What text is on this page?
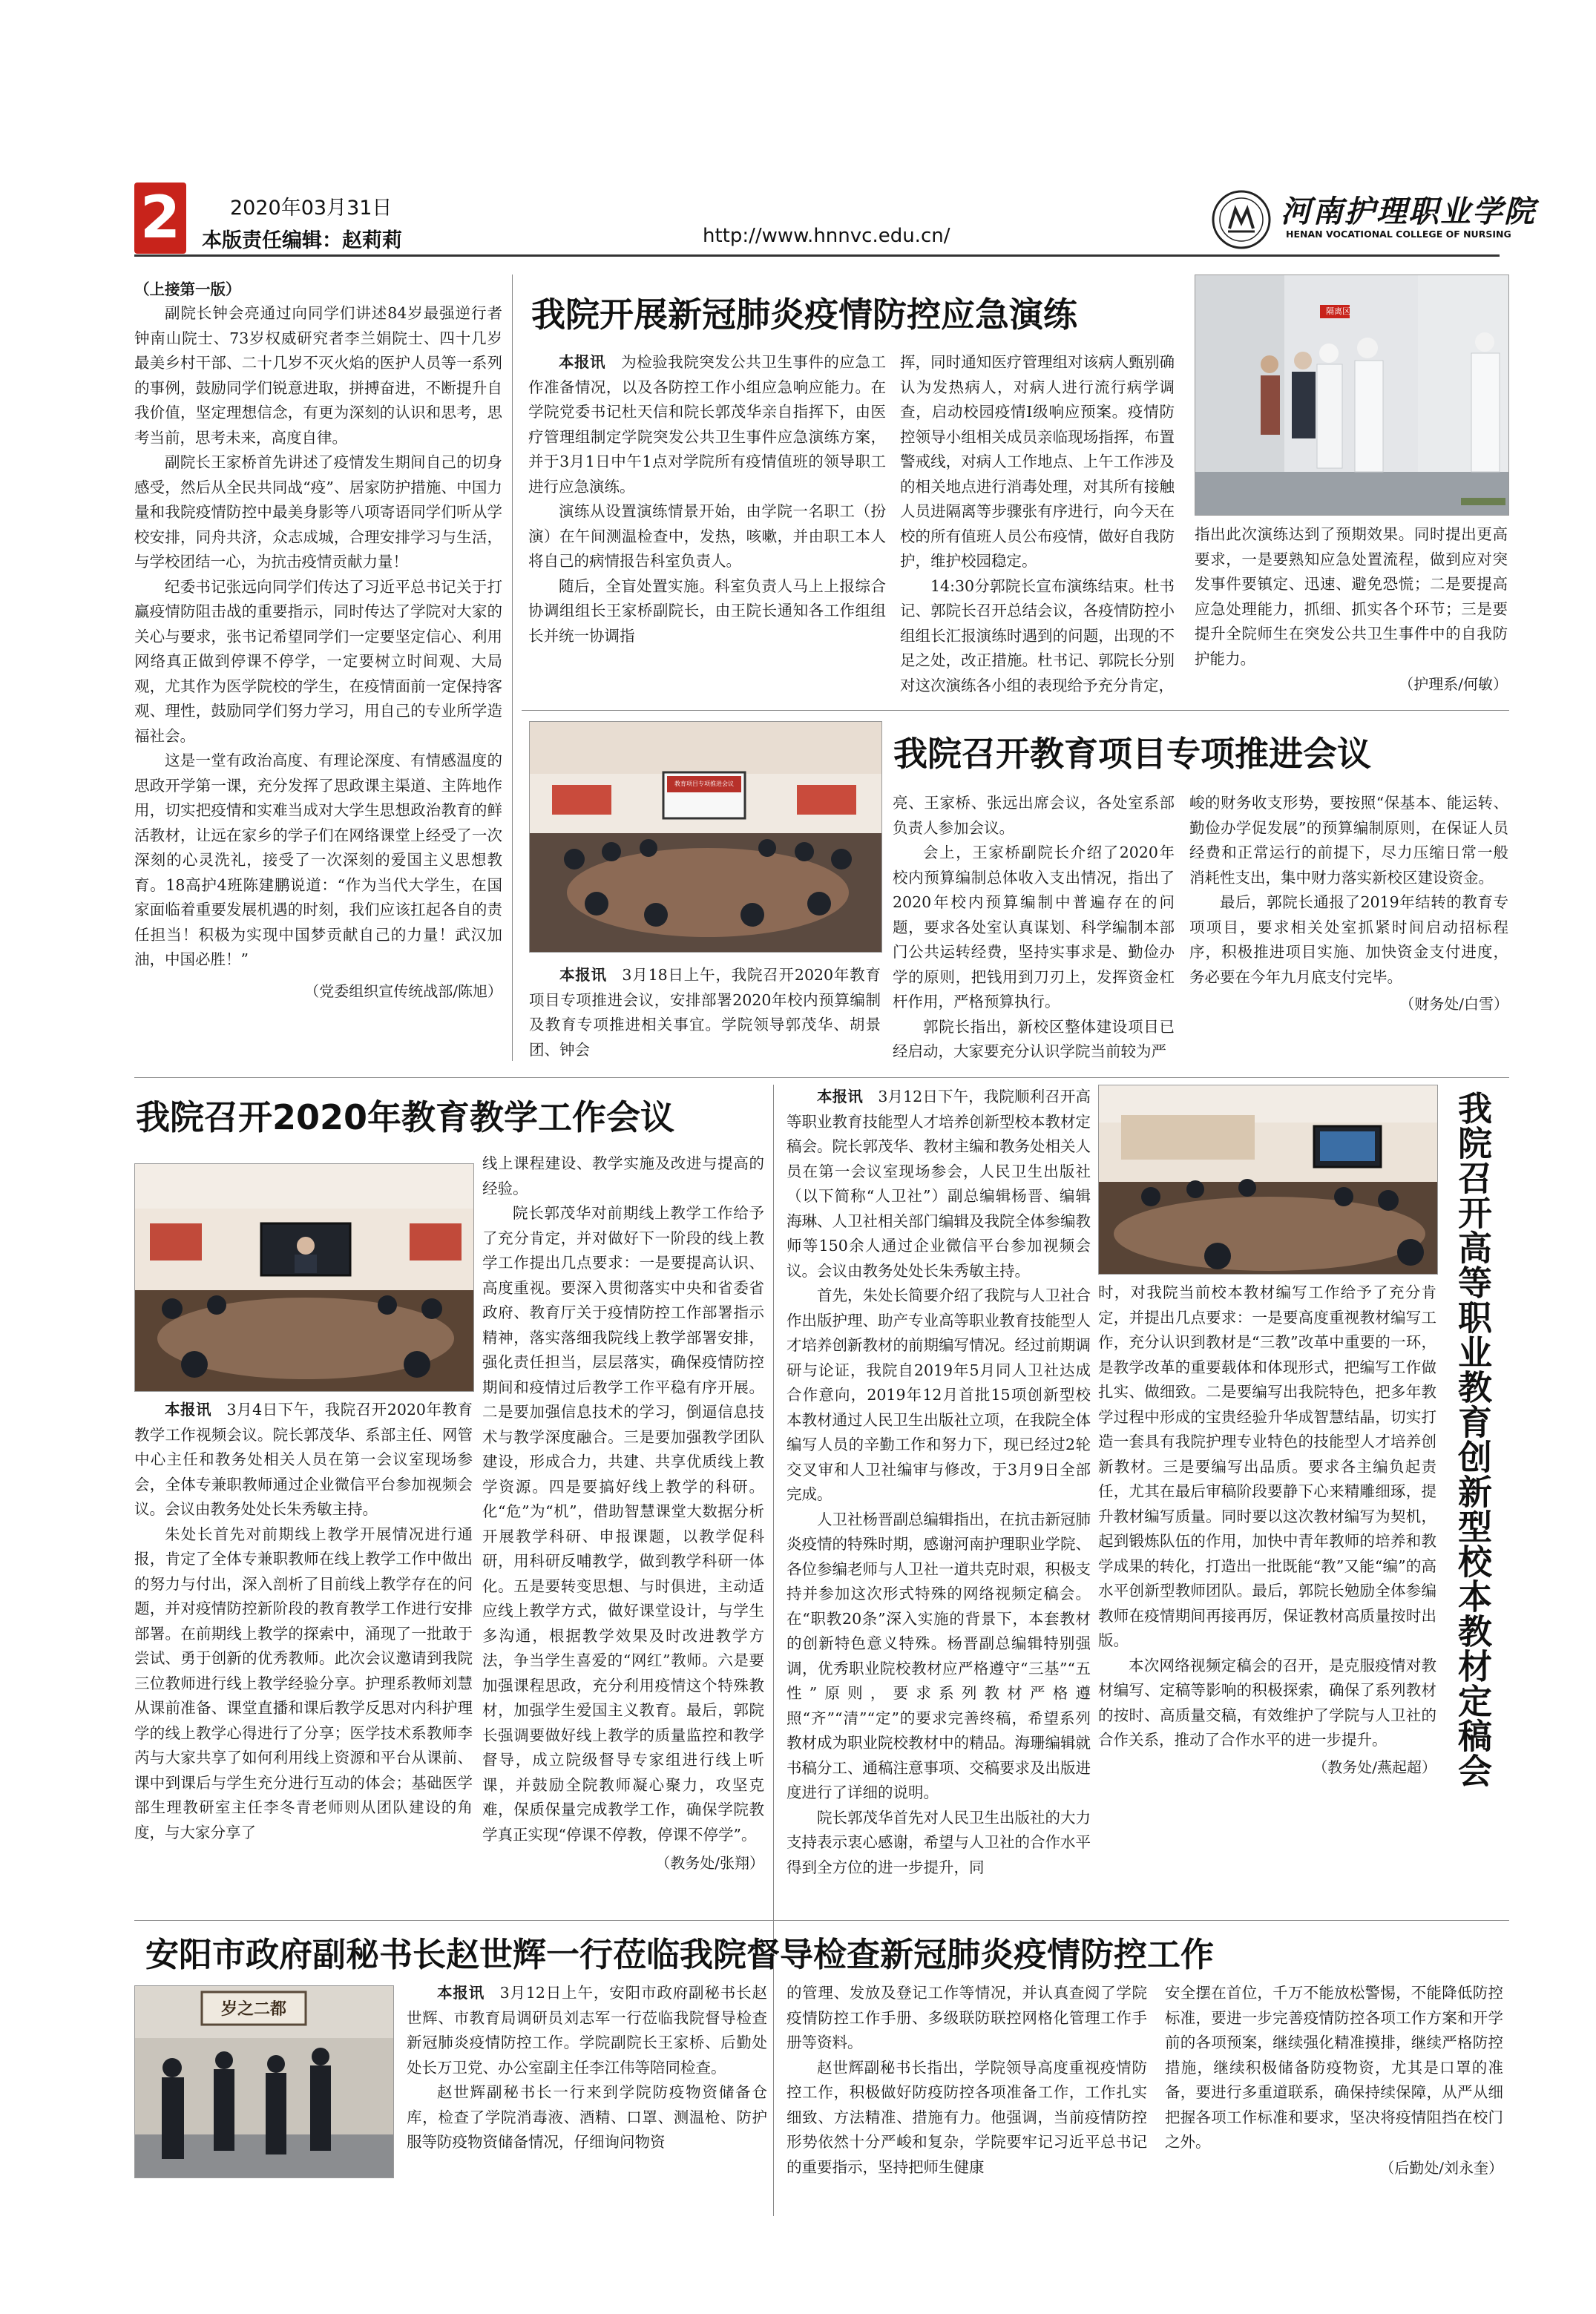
2 2020年03月31日
本版责任编辑：赵莉莉	http://www.hnnvc.edu.cn/
河南护理职业学院
HENAN VOCATIONAL COLLEGE OF NURSING
（上接第一版）

副院长钟会亮通过向同学们讲述84岁最强逆行者钟南山院士、73岁权威研究者李兰娟院士、四十几岁最美乡村干部、二十几岁不灭火焰的医护人员等一系列的事例，鼓励同学们锐意进取，拼搏奋进，不断提升自我价值，坚定理想信念，有更为深刻的认识和思考，思考当前，思考未来，高度自律。

副院长王家桥首先讲述了疫情发生期间自己的切身感受，然后从全民共同战“疫”、居家防护措施、中国力量和我院疫情防控中最美身影等八项寄语同学们听从学校安排，同舟共济，众志成城，合理安排学习与生活，与学校团结一心，为抗击疫情贡献力量！

纪委书记张远向同学们传达了习近平总书记关于打赢疫情防阻击战的重要指示，同时传达了学院对大家的关心与要求，张书记希望同学们一定要坚定信心、利用网络真正做到停课不停学，一定要树立时间观、大局观，尤其作为医学院校的学生，在疫情面前一定保持客观、理性，鼓励同学们努力学习，用自己的专业所学造福社会。

这是一堂有政治高度、有理论深度、有情感温度的思政开学第一课，充分发挥了思政课主渠道、主阵地作用，切实把疫情和实难当成对大学生思想政治教育的鲜活教材，让远在家乡的学子们在网络课堂上经受了一次深刻的心灵洗礼，接受了一次深刻的爱国主义思想教育。18高护4班陈建鹏说道：“作为当代大学生，在国家面临着重要发展机遇的时刻，我们应该扛起各自的责任担当！积极为实现中国梦贡献自己的力量！武汉加油，中国必胜！”

（党委组织宣传统战部/陈旭）

我院开展新冠肺炎疫情防控应急演练

本报讯  为检验我院突发公共卫生事件的应急工作准备情况，以及各防控工作小组应急响应能力。在学院党委书记杜天信和院长郭茂华亲自指挥下，由医疗管理组制定学院突发公共卫生事件应急演练方案，并于3月1日中午1点对学院所有疫情值班的领导职工进行应急演练。

演练从设置演练情景开始，由学院一名职工（扮演）在午间测温检查中，发热，咳嗽，并由职工本人将自己的病情报告科室负责人。

随后，全盲处置实施。科室负责人马上上报综合协调组组长王家桥副院长，由王院长通知各工作组组长并统一协调指

挥，同时通知医疗管理组对该病人甄别确认为发热病人，对病人进行流行病学调查，启动校园疫情Ⅰ级响应预案。疫情防控领导小组相关成员亲临现场指挥，布置警戒线，对病人工作地点、上午工作涉及的相关地点进行消毒处理，对其所有接触人员进隔离等步骤张有序进行，向今天在校的所有值班人员公布疫情，做好自我防护，维护校园稳定。

14:30分郭院长宣布演练结束。杜书记、郭院长召开总结会议，各疫情防控小组组长汇报演练时遇到的问题，出现的不足之处，改正措施。杜书记、郭院长分别对这次演练各小组的表现给予充分肯定，

隔离区

指出此次演练达到了预期效果。同时提出更高要求，一是要熟知应急处置流程，做到应对突发事件要镇定、迅速、避免恐慌；二是要提高应急处理能力，抓细、抓实各个环节；三是要提升全院师生在突发公共卫生事件中的自我防护能力。

（护理系/何敏）

教育项目专项推进会议
我院召开教育项目专项推进会议

本报讯  3月18日上午，我院召开2020年教育项目专项推进会议，安排部署2020年校内预算编制及教育专项推进相关事宜。学院领导郭茂华、胡景团、钟会

亮、王家桥、张远出席会议，各处室系部负责人参加会议。

会上，王家桥副院长介绍了2020年校内预算编制总体收入支出情况，指出了2020年校内预算编制中普遍存在的问题，要求各处室认真谋划、科学编制本部门公共运转经费，坚持实事求是、勤俭办学的原则，把钱用到刀刃上，发挥资金杠杆作用，严格预算执行。

郭院长指出，新校区整体建设项目已经启动，大家要充分认识学院当前较为严

峻的财务收支形势，要按照“保基本、能运转、勤俭办学促发展”的预算编制原则，在保证人员经费和正常运行的前提下，尽力压缩日常一般消耗性支出，集中财力落实新校区建设资金。

最后，郭院长通报了2019年结转的教育专项项目，要求相关处室抓紧时间启动招标程序，积极推进项目实施、加快资金支付进度，务必要在今年九月底支付完毕。

（财务处/白雪）

我院召开2020年教育教学工作会议

本报讯  3月4日下午，我院召开2020年教育教学工作视频会议。院长郭茂华、系部主任、网管中心主任和教务处相关人员在第一会议室现场参会，全体专兼职教师通过企业微信平台参加视频会议。会议由教务处处长朱秀敏主持。

朱处长首先对前期线上教学开展情况进行通报，肯定了全体专兼职教师在线上教学工作中做出的努力与付出，深入剖析了目前线上教学存在的问题，并对疫情防控新阶段的教育教学工作进行安排部署。在前期线上教学的探索中，涌现了一批敢于尝试、勇于创新的优秀教师。此次会议邀请到我院三位教师进行线上教学经验分享。护理系教师刘慧从课前准备、课堂直播和课后教学反思对内科护理学的线上教学心得进行了分享；医学技术系教师李芮与大家共享了如何利用线上资源和平台从课前、课中到课后与学生充分进行互动的体会；基础医学部生理教研室主任李冬青老师则从团队建设的角度，与大家分享了

线上课程建设、教学实施及改进与提高的经验。

院长郭茂华对前期线上教学工作给予了充分肯定，并对做好下一阶段的线上教学工作提出几点要求：一是要提高认识、高度重视。要深入贯彻落实中央和省委省政府、教育厅关于疫情防控工作部署指示精神，落实落细我院线上教学部署安排，强化责任担当，层层落实，确保疫情防控期间和疫情过后教学工作平稳有序开展。二是要加强信息技术的学习，倒逼信息技术与教学深度融合。三是要加强教学团队建设，形成合力，共建、共享优质线上教学资源。四是要搞好线上教学的科研。化“危”为“机”，借助智慧课堂大数据分析开展教学科研、申报课题，以教学促科研，用科研反哺教学，做到教学科研一体化。五是要转变思想、与时俱进，主动适应线上教学方式，做好课堂设计，与学生多沟通，根据教学效果及时改进教学方法，争当学生喜爱的“网红”教师。六是要加强课程思政，充分利用疫情这个特殊教材，加强学生爱国主义教育。最后，郭院长强调要做好线上教学的质量监控和教学督导，成立院级督导专家组进行线上听课，并鼓励全院教师凝心聚力，攻坚克难，保质保量完成教学工作，确保学院教学真正实现“停课不停教，停课不停学”。

（教务处/张翔）

本报讯  3月12日下午，我院顺利召开高等职业教育技能型人才培养创新型校本教材定稿会。院长郭茂华、教材主编和教务处相关人员在第一会议室现场参会，人民卫生出版社（以下简称“人卫社”）副总编辑杨晋、编辑海琳、人卫社相关部门编辑及我院全体参编教师等150余人通过企业微信平台参加视频会议。会议由教务处处长朱秀敏主持。

首先，朱处长简要介绍了我院与人卫社合作出版护理、助产专业高等职业教育技能型人才培养创新教材的前期编写情况。经过前期调研与论证，我院自2019年5月同人卫社达成合作意向，2019年12月首批15项创新型校本教材通过人民卫生出版社立项，在我院全体编写人员的辛勤工作和努力下，现已经过2轮交叉审和人卫社编审与修改，于3月9日全部完成。

人卫社杨晋副总编辑指出，在抗击新冠肺炎疫情的特殊时期，感谢河南护理职业学院、各位参编老师与人卫社一道共克时艰，积极支持并参加这次形式特殊的网络视频定稿会。在“职教20条”深入实施的背景下，本套教材的创新特色意义特殊。杨晋副总编辑特别强调，优秀职业院校教材应严格遵守“三基”“五性”原则，要求系列教材严格遵照“齐”“清”“定”的要求完善终稿，希望系列教材成为职业院校教材中的精品。海珊编辑就书稿分工、通稿注意事项、交稿要求及出版进度进行了详细的说明。

院长郭茂华首先对人民卫生出版社的大力支持表示衷心感谢，希望与人卫社的合作水平得到全方位的进一步提升，同

我院召开高等职业教育创新型校本教材定稿会

时，对我院当前校本教材编写工作给予了充分肯定，并提出几点要求：一是要高度重视教材编写工作，充分认识到教材是“三教”改革中重要的一环，是教学改革的重要载体和体现形式，把编写工作做扎实、做细致。二是要编写出我院特色，把多年教学过程中形成的宝贵经验升华成智慧结晶，切实打造一套具有我院护理专业特色的技能型人才培养创新教材。三是要编写出品质。要求各主编负起责任，尤其在最后审稿阶段要静下心来精雕细琢，提升教材编写质量。同时要以这次教材编写为契机，起到锻炼队伍的作用，加快中青年教师的培养和教学成果的转化，打造出一批既能“教”又能“编”的高水平创新型教师团队。最后，郭院长勉励全体参编教师在疫情期间再接再厉，保证教材高质量按时出版。

本次网络视频定稿会的召开，是克服疫情对教材编写、定稿等影响的积极探索，确保了系列教材的按时、高质量交稿，有效维护了学院与人卫社的合作关系，推动了合作水平的进一步提升。

（教务处/燕起超）

安阳市政府副秘书长赵世辉一行莅临我院督导检查新冠肺炎疫情防控工作
岁之二都

本报讯  3月12日上午，安阳市政府副秘书长赵世辉、市教育局调研员刘志军一行莅临我院督导检查新冠肺炎疫情防控工作。学院副院长王家桥、后勤处处长万卫党、办公室副主任李江伟等陪同检查。

赵世辉副秘书长一行来到学院防疫物资储备仓库，检查了学院消毒液、酒精、口罩、测温枪、防护服等防疫物资储备情况，仔细询问物资

的管理、发放及登记工作等情况，并认真查阅了学院疫情防控工作手册、多级联防联控网格化管理工作手册等资料。

赵世辉副秘书长指出，学院领导高度重视疫情防控工作，积极做好防疫防控各项准备工作，工作扎实细致、方法精准、措施有力。他强调，当前疫情防控形势依然十分严峻和复杂，学院要牢记习近平总书记的重要指示，坚持把师生健康

安全摆在首位，千万不能放松警惕，不能降低防控标准，要进一步完善疫情防控各项工作方案和开学前的各项预案，继续强化精准摸排，继续严格防控措施，继续积极储备防疫物资，尤其是口罩的准备，要进行多重道联系，确保持续保障，从严从细把握各项工作标准和要求，坚决将疫情阻挡在校门之外。

（后勤处/刘永奎）
